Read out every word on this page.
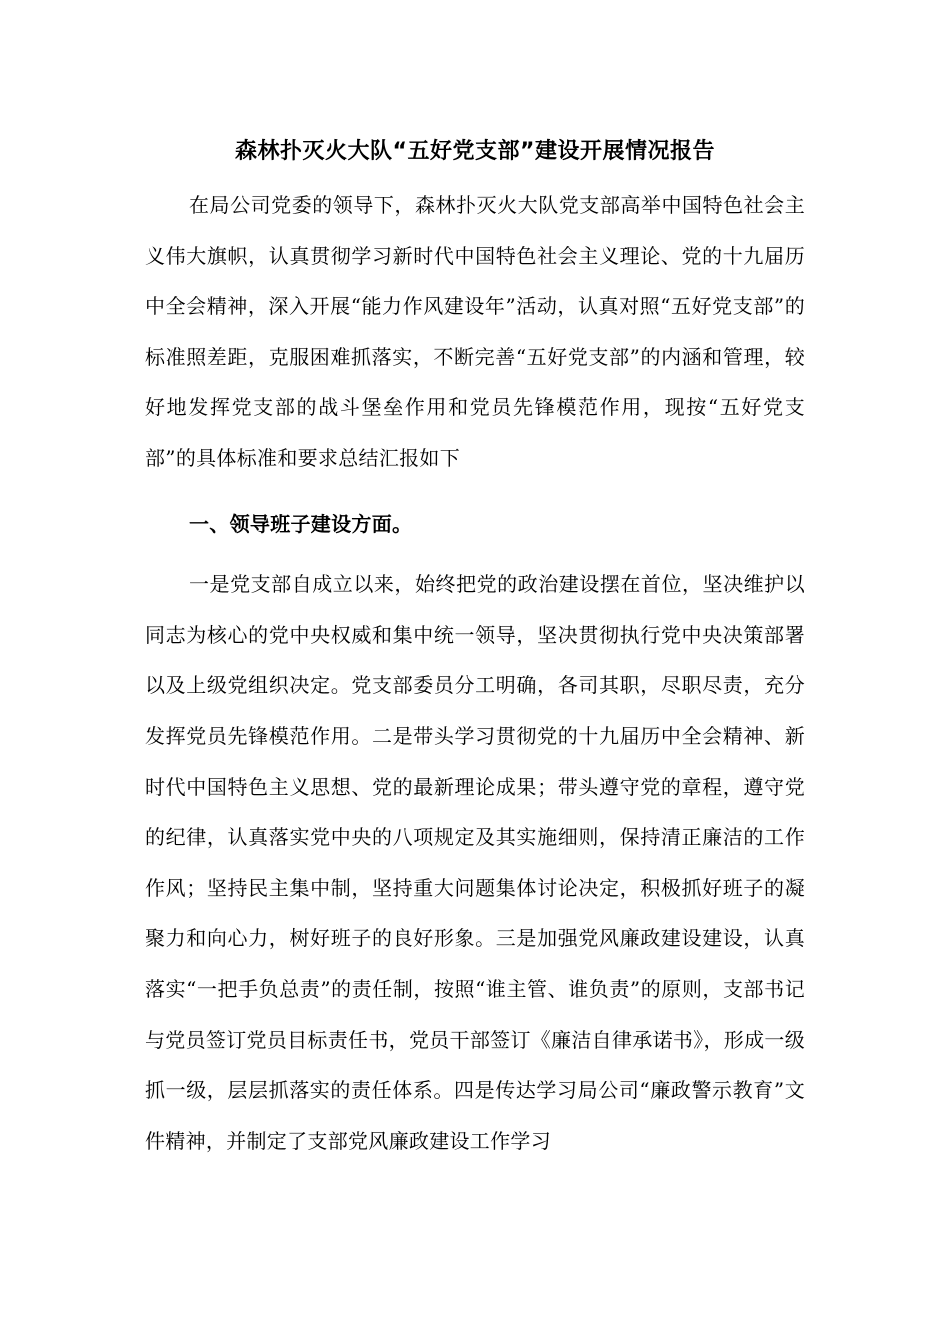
森林扑灭火大队“五好党支部”建设开展情况报告

在局公司党委的领导下，森林扑灭火大队党支部高举中国特色社会主义伟大旗帜，认真贯彻学习新时代中国特色社会主义理论、党的十九届历中全会精神，深入开展“能力作风建设年”活动，认真对照“五好党支部”的标准照差距，克服困难抓落实，不断完善“五好党支部”的内涵和管理，较好地发挥党支部的战斗堡垒作用和党员先锋模范作用，现按“五好党支部”的具体标准和要求总结汇报如下

一、领导班子建设方面。

一是党支部自成立以来，始终把党的政治建设摆在首位，坚决维护以同志为核心的党中央权威和集中统一领导，坚决贯彻执行党中央决策部署以及上级党组织决定。党支部委员分工明确，各司其职，尽职尽责，充分发挥党员先锋模范作用。二是带头学习贯彻党的十九届历中全会精神、新时代中国特色主义思想、党的最新理论成果；带头遵守党的章程，遵守党的纪律，认真落实党中央的八项规定及其实施细则，保持清正廉洁的工作作风；坚持民主集中制，坚持重大问题集体讨论决定，积极抓好班子的凝聚力和向心力，树好班子的良好形象。三是加强党风廉政建设建设，认真落实“一把手负总责”的责任制，按照“谁主管、谁负责”的原则，支部书记与党员签订党员目标责任书，党员干部签订《廉洁自律承诺书》，形成一级抓一级，层层抓落实的责任体系。四是传达学习局公司“廉政警示教育”文件精神，并制定了支部党风廉政建设工作学习
